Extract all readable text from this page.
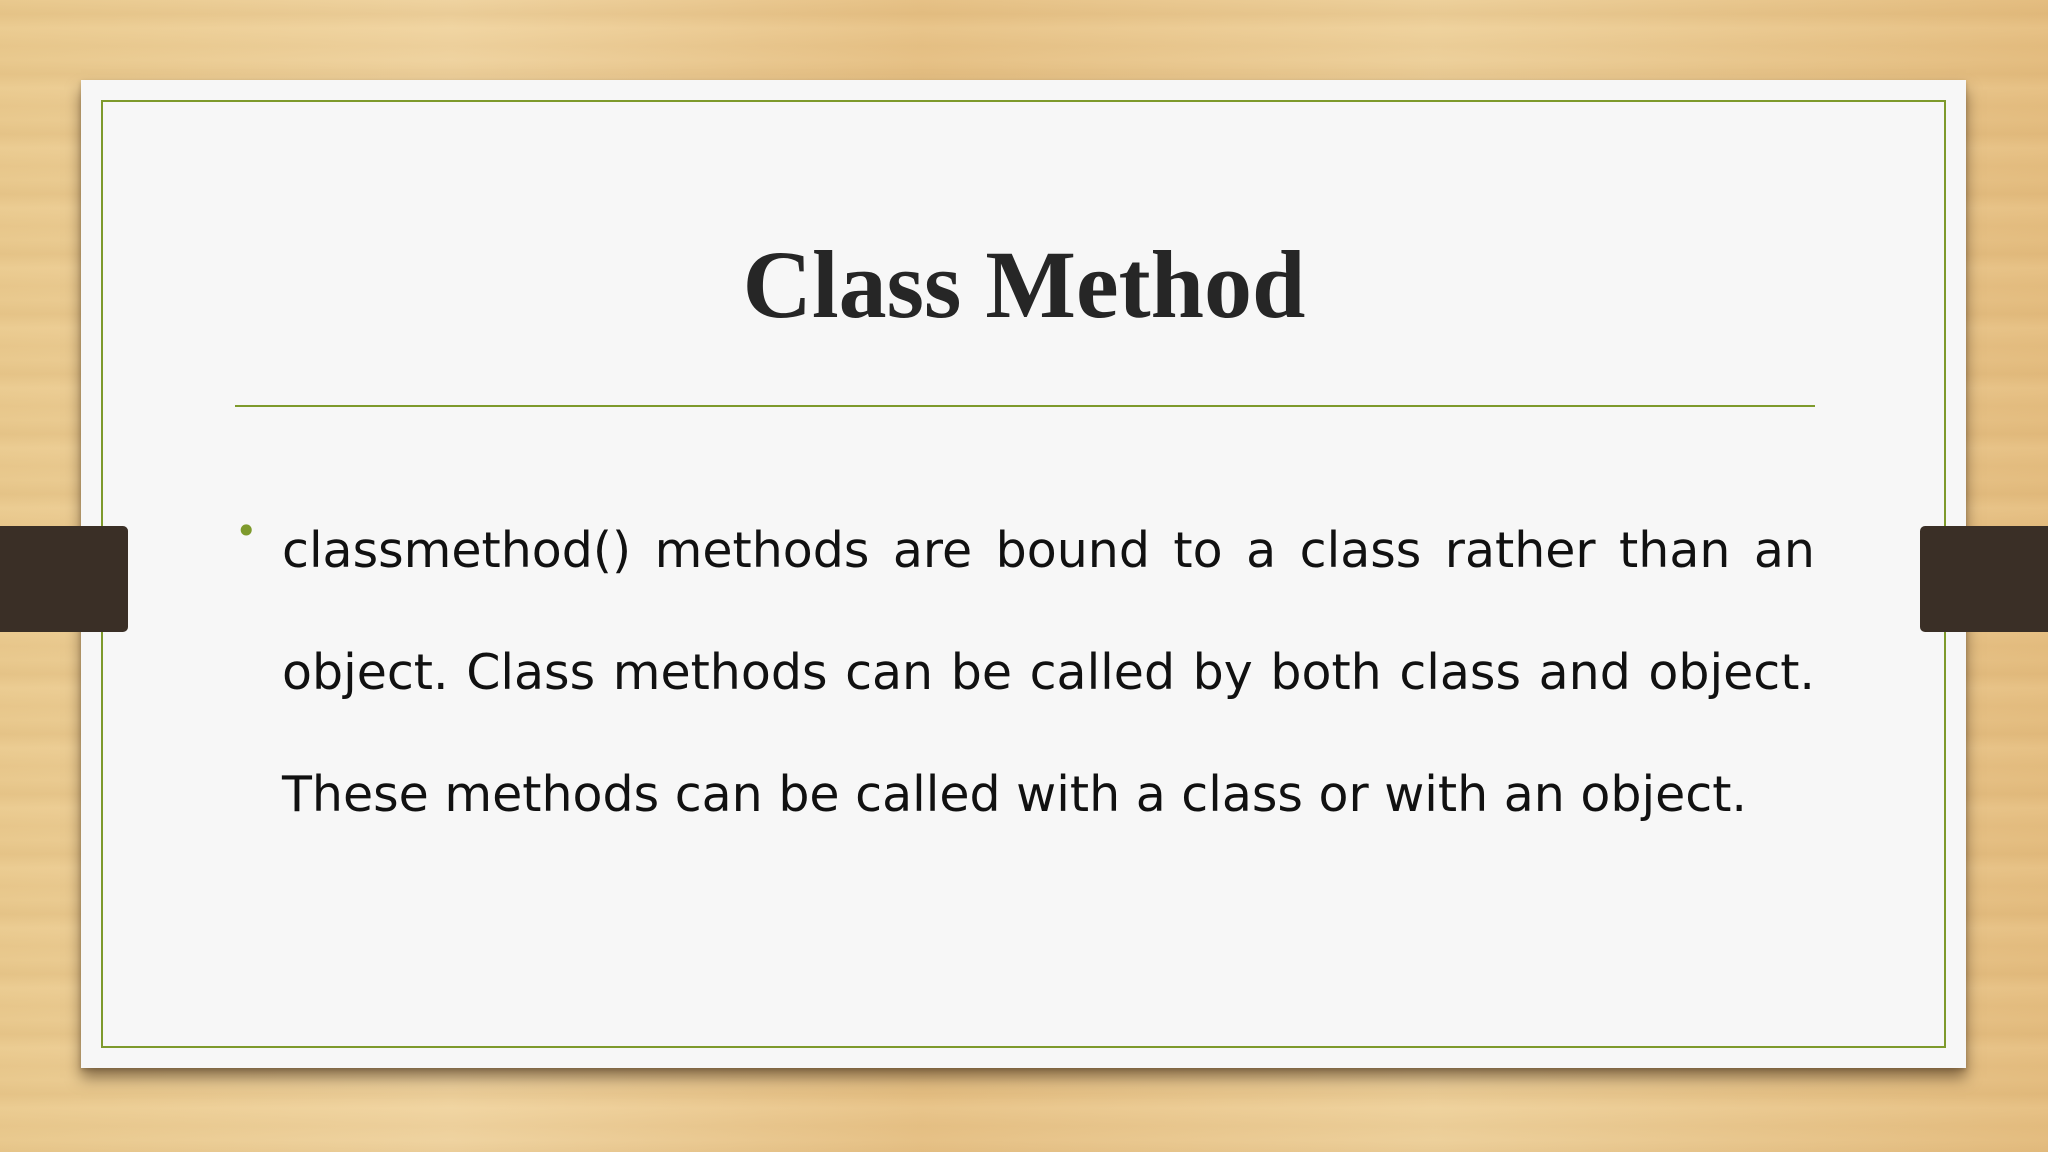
Class Method

• classmethod() methods are bound to a class rather than an object. Class methods can be called by both class and object. These methods can be called with a class or with an object.
